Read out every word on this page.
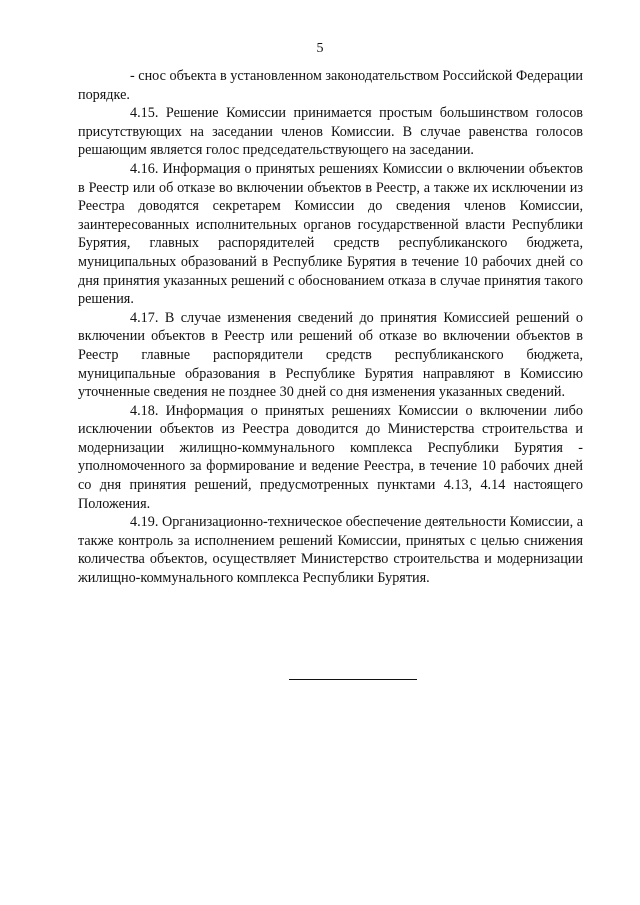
5

- снос объекта в установленном законодательством Российской Федерации порядке.

4.15. Решение Комиссии принимается простым большинством голосов присутствующих на заседании членов Комиссии. В случае равенства голосов решающим является голос председательствующего на заседании.

4.16. Информация о принятых решениях Комиссии о включении объектов в Реестр или об отказе во включении объектов в Реестр, а также их исключении из Реестра доводятся секретарем Комиссии до сведения членов Комиссии, заинтересованных исполнительных органов государственной власти Республики Бурятия, главных распорядителей средств республиканского бюджета, муниципальных образований в Республике Бурятия в течение 10 рабочих дней со дня принятия указанных решений с обоснованием отказа в случае принятия такого решения.

4.17. В случае изменения сведений до принятия Комиссией решений о включении объектов в Реестр или решений об отказе во включении объектов в Реестр главные распорядители средств республиканского бюджета, муниципальные образования в Республике Бурятия направляют в Комиссию уточненные сведения не позднее 30 дней со дня изменения указанных сведений.

4.18. Информация о принятых решениях Комиссии о включении либо исключении объектов из Реестра доводится до Министерства строительства и модернизации жилищно-коммунального комплекса Республики Бурятия - уполномоченного за формирование и ведение Реестра, в течение 10 рабочих дней со дня принятия решений, предусмотренных пунктами 4.13, 4.14 настоящего Положения.

4.19. Организационно-техническое обеспечение деятельности Комиссии, а также контроль за исполнением решений Комиссии, принятых с целью снижения количества объектов, осуществляет Министерство строительства и модернизации жилищно-коммунального комплекса Республики Бурятия.
